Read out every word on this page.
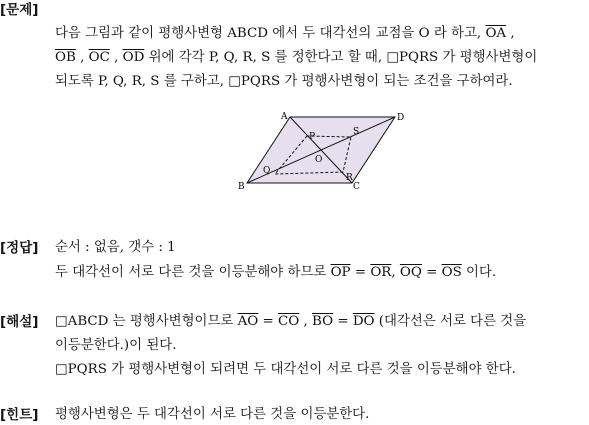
[문제]
다음 그림과 같이 평행사변형 ABCD 에서 두 대각선의 교점을 O 라 하고, $\overline{OA}$ ,
$\overline{OB}$ , $\overline{OC}$ , $\overline{OD}$ 위에 각각 P, Q, R, S 를 정한다고 할 때, □PQRS 가 평행사변형이
되도록 P, Q, R, S 를 구하고, □PQRS 가 평행사변형이 되는 조건을 구하여라.
A	D
B	C
O
P	S
Q
R
[정답] 순서 : 없음, 갯수 : 1
두 대각선이 서로 다른 것을 이등분해야 하므로 $\overline{OP} = \overline{OR}$, $\overline{OQ} = \overline{OS}$ 이다.
[해설] □ABCD 는 평행사변형이므로 $\overline{AO} = \overline{CO}$ , $\overline{BO} = \overline{DO}$ (대각선은 서로 다른 것을
이등분한다.)이 된다.
□PQRS 가 평행사변형이 되려면 두 대각선이 서로 다른 것을 이등분해야 한다.
[힌트] 평행사변형은 두 대각선이 서로 다른 것을 이등분한다.
